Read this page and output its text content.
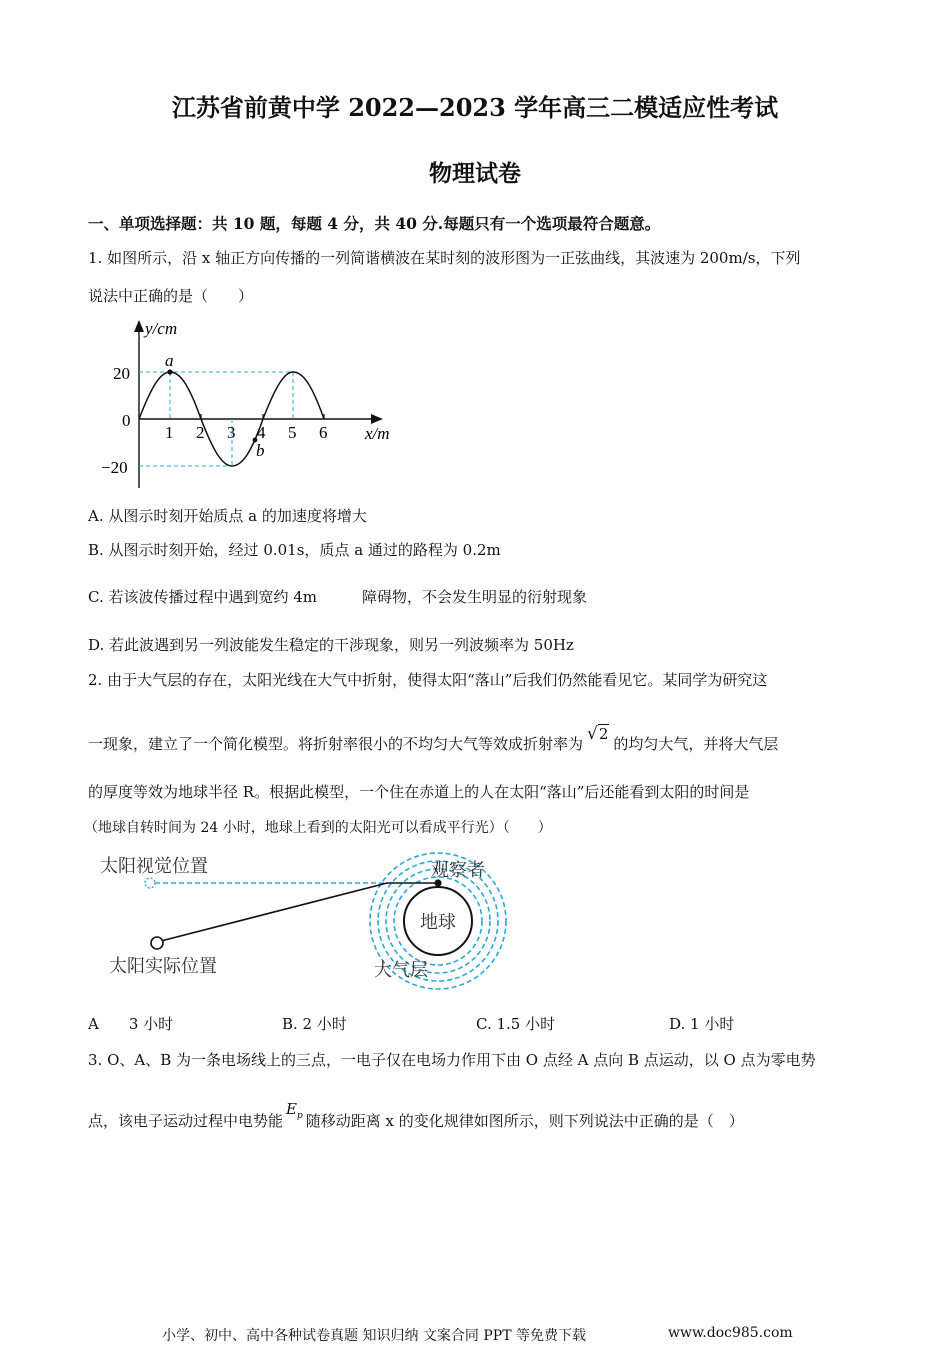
江苏省前黄中学 2022—2023 学年高三二模适应性考试
物理试卷
一、单项选择题：共 10 题，每题 4 分，共 40 分.每题只有一个选项最符合题意。
1. 如图所示，沿 x 轴正方向传播的一列简谐横波在某时刻的波形图为一正弦曲线，其波速为 200m/s，下列
说法中正确的是（　　）
y/cm
x/m
0
20
−20
1 2 3 4 5 6
a
b
A. 从图示时刻开始质点 a 的加速度将增大
B. 从图示时刻开始，经过 0.01s，质点 a 通过的路程为 0.2m
C. 若该波传播过程中遇到宽约 4m　　　障碍物，不会发生明显的衍射现象
D. 若此波遇到另一列波能发生稳定的干涉现象，则另一列波频率为 50Hz
2. 由于大气层的存在，太阳光线在大气中折射，使得太阳“落山”后我们仍然能看见它。某同学为研究这
一现象，建立了一个简化模型。将折射率很小的不均匀大气等效成折射率为 √2的均匀大气，并将大气层
的厚度等效为地球半径 R。根据此模型，一个住在赤道上的人在太阳“落山”后还能看到太阳的时间是
（地球自转时间为 24 小时，地球上看到的太阳光可以看成平行光）（　　）
太阳视觉位置
太阳实际位置
观察者
地球
大气层
A　　3 小时	B. 2 小时	C. 1.5 小时	D. 1 小时
3. O、A、B 为一条电场线上的三点，一电子仅在电场力作用下由 O 点经 A 点向 B 点运动，以 O 点为零电势
点，该电子运动过程中电势能$E_p$ 随移动距离 x 的变化规律如图所示，则下列说法中正确的是（　）
小学、初中、高中各种试卷真题 知识归纳 文案合同 PPT 等免费下载	www.doc985.com
